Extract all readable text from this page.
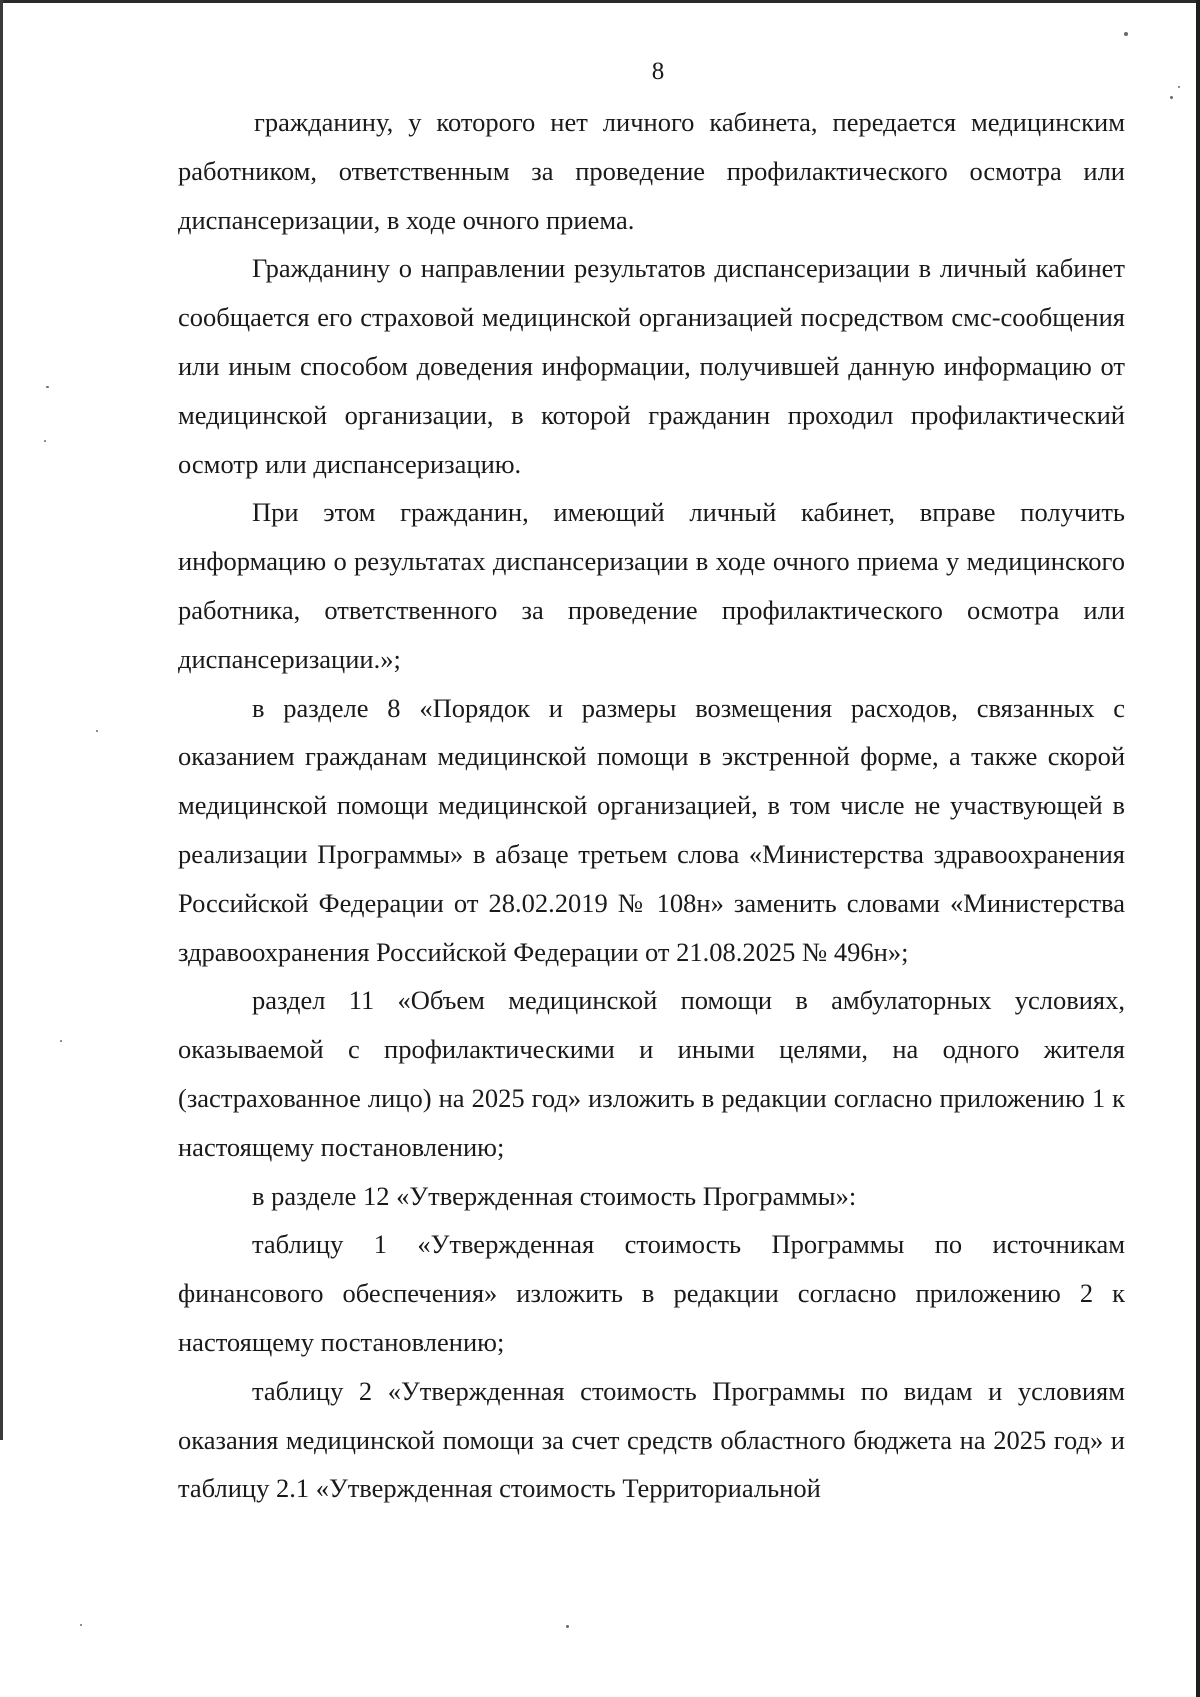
8

гражданину, у которого нет личного кабинета, передается медицинским работником, ответственным за проведение профилактического осмотра или диспансеризации, в ходе очного приема.

Гражданину о направлении результатов диспансеризации в личный кабинет сообщается его страховой медицинской организацией посредством смс-сообщения или иным способом доведения информации, получившей данную информацию от медицинской организации, в которой гражданин проходил профилактический осмотр или диспансеризацию.

При этом гражданин, имеющий личный кабинет, вправе получить информацию о результатах диспансеризации в ходе очного приема у медицинского работника, ответственного за проведение профилактического осмотра или диспансеризации.»;

в разделе 8 «Порядок и размеры возмещения расходов, связанных с оказанием гражданам медицинской помощи в экстренной форме, а также скорой медицинской помощи медицинской организацией, в том числе не участвующей в реализации Программы» в абзаце третьем слова «Министерства здравоохранения Российской Федерации от 28.02.2019 № 108н» заменить словами «Министерства здравоохранения Российской Федерации от 21.08.2025 № 496н»;

раздел 11 «Объем медицинской помощи в амбулаторных условиях, оказываемой с профилактическими и иными целями, на одного жителя (застрахованное лицо) на 2025 год» изложить в редакции согласно приложению 1 к настоящему постановлению;

в разделе 12 «Утвержденная стоимость Программы»:

таблицу 1 «Утвержденная стоимость Программы по источникам финансового обеспечения» изложить в редакции согласно приложению 2 к настоящему постановлению;

таблицу 2 «Утвержденная стоимость Программы по видам и условиям оказания медицинской помощи за счет средств областного бюджета на 2025 год» и таблицу 2.1 «Утвержденная стоимость Территориальной
